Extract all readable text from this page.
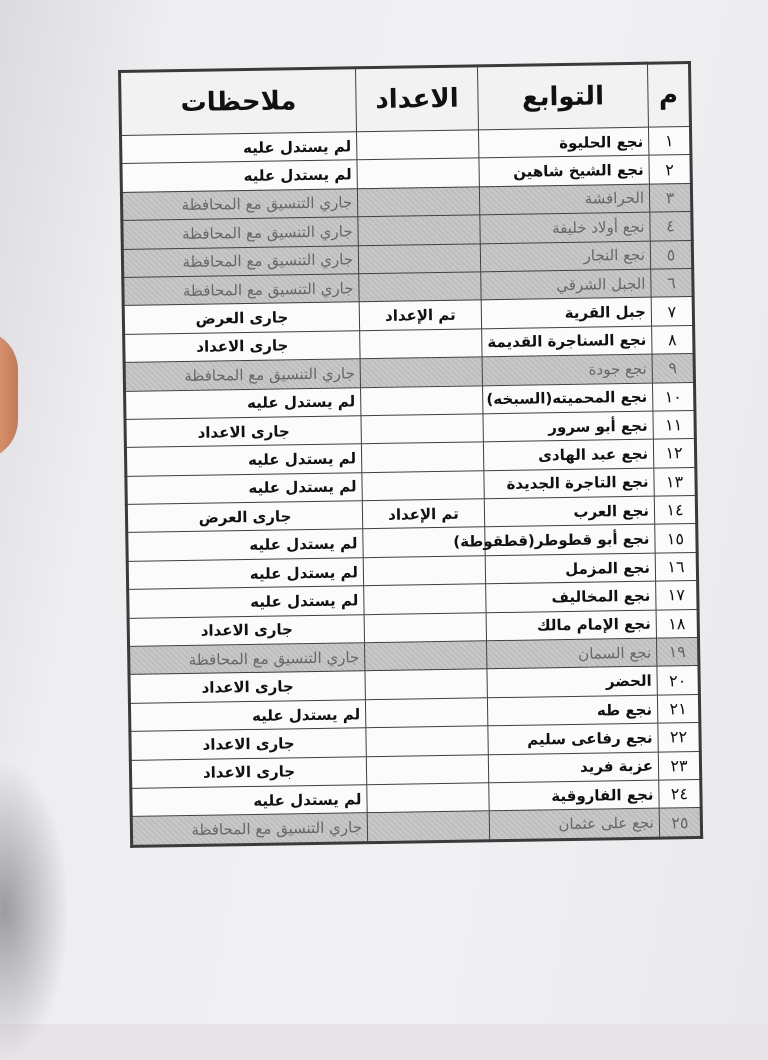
م	التوابع	الاعداد	ملاحظات
١	نجع الحليوة		لم يستدل عليه
٢	نجع الشيخ شاهين		لم يستدل عليه
٣	الحرافشة		جاري التنسيق مع المحافظة
٤	نجع أولاد خليفة		جاري التنسيق مع المحافظة
٥	نجع النجار		جاري التنسيق مع المحافظة
٦	الجبل الشرقي		جاري التنسيق مع المحافظة
٧	جبل القرية	تم الإعداد	جارى العرض
٨	نجع السناجرة القديمة		جارى الاعداد
٩	نجع جودة		جاري التنسيق مع المحافظة
١٠	نجع المحميته(السبخه)		لم يستدل عليه
١١	نجع أبو سرور		جارى الاعداد
١٢	نجع عبد الهادى		لم يستدل عليه
١٣	نجع التاجرة الجديدة		لم يستدل عليه
١٤	نجع العرب	تم الإعداد	جارى العرض
١٥	نجع أبو قطوطر(قطقوطة)		لم يستدل عليه
١٦	نجع المزمل		لم يستدل عليه
١٧	نجع المخاليف		لم يستدل عليه
١٨	نجع الإمام مالك		جارى الاعداد
١٩	نجع السمان		جاري التنسيق مع المحافظة
٢٠	الحضر		جارى الاعداد
٢١	نجع طه		لم يستدل عليه
٢٢	نجع رفاعى سليم		جارى الاعداد
٢٣	عزبة فريد		جارى الاعداد
٢٤	نجع الفاروقية		لم يستدل عليه
٢٥	نجع على عثمان		جاري التنسيق مع المحافظة
